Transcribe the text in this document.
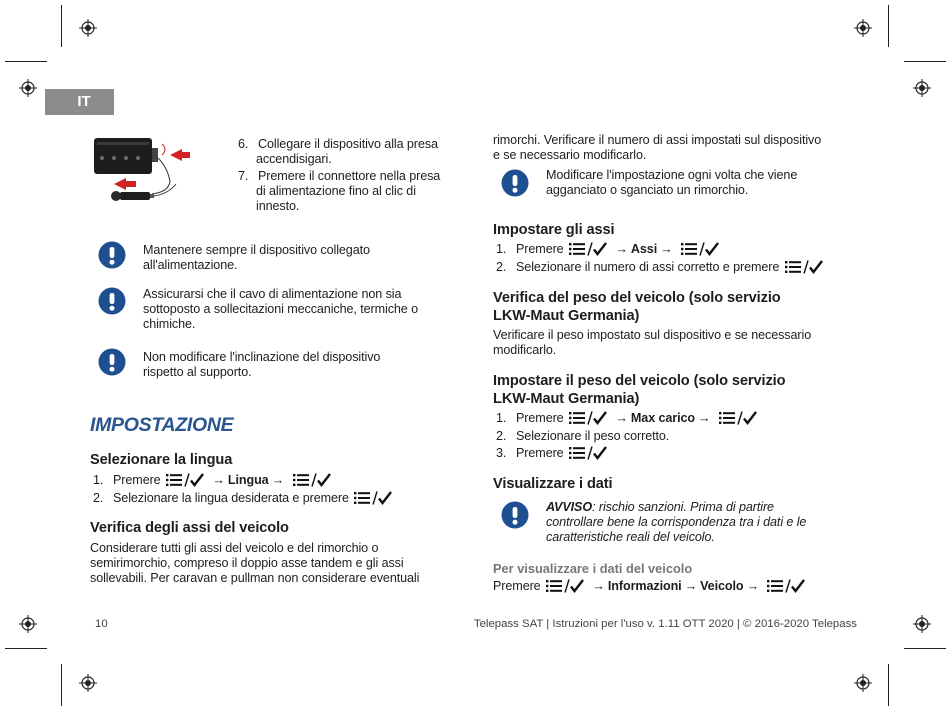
IT
6. Collegare il dispositivo alla presa
accendisigari.
7. Premere il connettore nella presa
di alimentazione fino al clic di
innesto.
Mantenere sempre il dispositivo collegato
all'alimentazione.
Assicurarsi che il cavo di alimentazione non sia
sottoposto a sollecitazioni meccaniche, termiche o
chimiche.
Non modificare l'inclinazione del dispositivo
rispetto al supporto.
IMPOSTAZIONE
Selezionare la lingua
1. Premere	→ Lingua →
2. Selezionare la lingua desiderata e premere
Verifica degli assi del veicolo
Considerare tutti gli assi del veicolo e del rimorchio o
semirimorchio, compreso il doppio asse tandem e gli assi
sollevabili. Per caravan e pullman non considerare eventuali
rimorchi. Verificare il numero di assi impostati sul dispositivo
e se necessario modificarlo.
Modificare l'impostazione ogni volta che viene
agganciato o sganciato un rimorchio.
Impostare gli assi
1. Premere	→ Assi →
2. Selezionare il numero di assi corretto e premere
Verifica del peso del veicolo (solo servizio
LKW-Maut Germania)
Verificare il peso impostato sul dispositivo e se necessario
modificarlo.
Impostare il peso del veicolo (solo servizio
LKW-Maut Germania)
1. Premere	→ Max carico →
2. Selezionare il peso corretto.
3. Premere
Visualizzare i dati
AVVISO: rischio sanzioni. Prima di partire
controllare bene la corrispondenza tra i dati e le
caratteristiche reali del veicolo.
Per visualizzare i dati del veicolo
Premere	→ Informazioni → Veicolo →
10	Telepass SAT | Istruzioni per l'uso v. 1.11 OTT 2020 | © 2016-2020 Telepass
